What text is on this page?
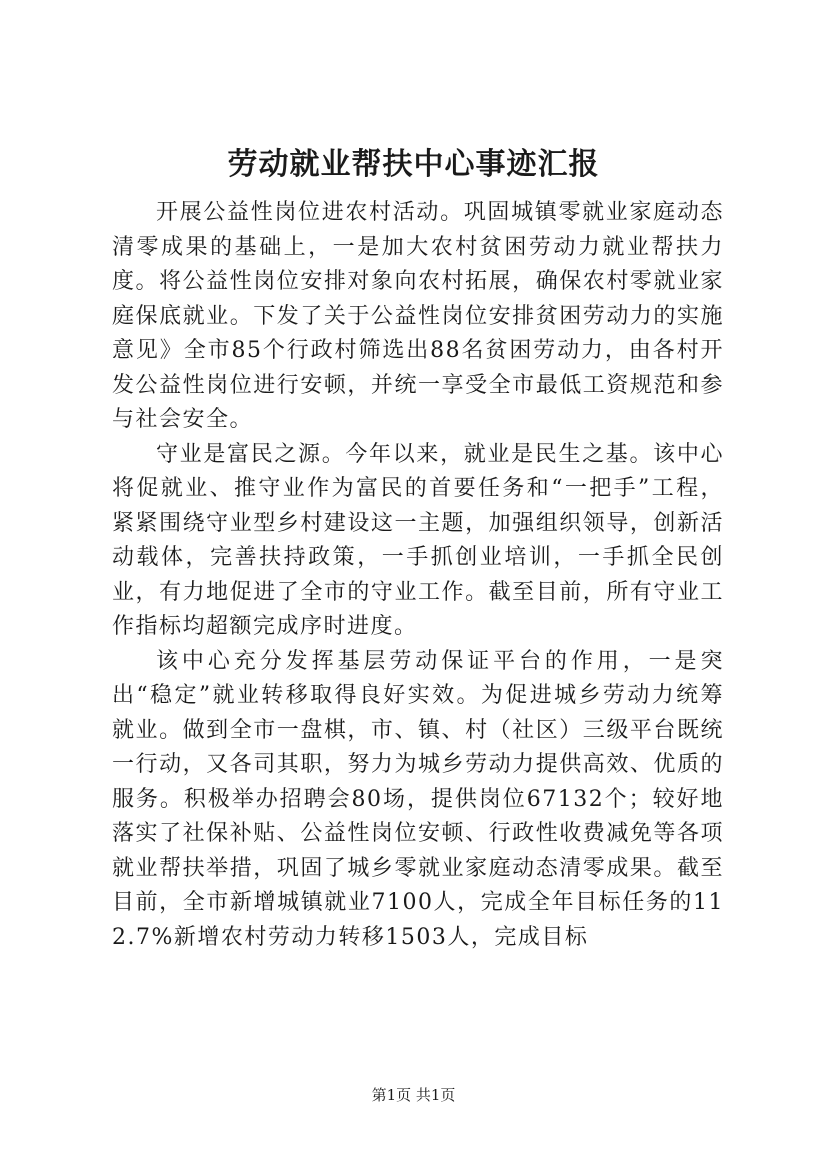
劳动就业帮扶中心事迹汇报

开展公益性岗位进农村活动。巩固城镇零就业家庭动态清零成果的基础上，一是加大农村贫困劳动力就业帮扶力度。将公益性岗位安排对象向农村拓展，确保农村零就业家庭保底就业。下发了关于公益性岗位安排贫困劳动力的实施意见》全市85个行政村筛选出88名贫困劳动力，由各村开发公益性岗位进行安顿，并统一享受全市最低工资规范和参与社会安全。

守业是富民之源。今年以来，就业是民生之基。该中心将促就业、推守业作为富民的首要任务和“一把手”工程，紧紧围绕守业型乡村建设这一主题，加强组织领导，创新活动载体，完善扶持政策，一手抓创业培训，一手抓全民创业，有力地促进了全市的守业工作。截至目前，所有守业工作指标均超额完成序时进度。

该中心充分发挥基层劳动保证平台的作用，一是突出“稳定”就业转移取得良好实效。为促进城乡劳动力统筹就业。做到全市一盘棋，市、镇、村（社区）三级平台既统一行动，又各司其职，努力为城乡劳动力提供高效、优质的服务。积极举办招聘会80场，提供岗位67132个；较好地落实了社保补贴、公益性岗位安顿、行政性收费减免等各项就业帮扶举措，巩固了城乡零就业家庭动态清零成果。截至目前，全市新增城镇就业7100人，完成全年目标任务的112.7%新增农村劳动力转移1503人，完成目标

第1页 共1页
